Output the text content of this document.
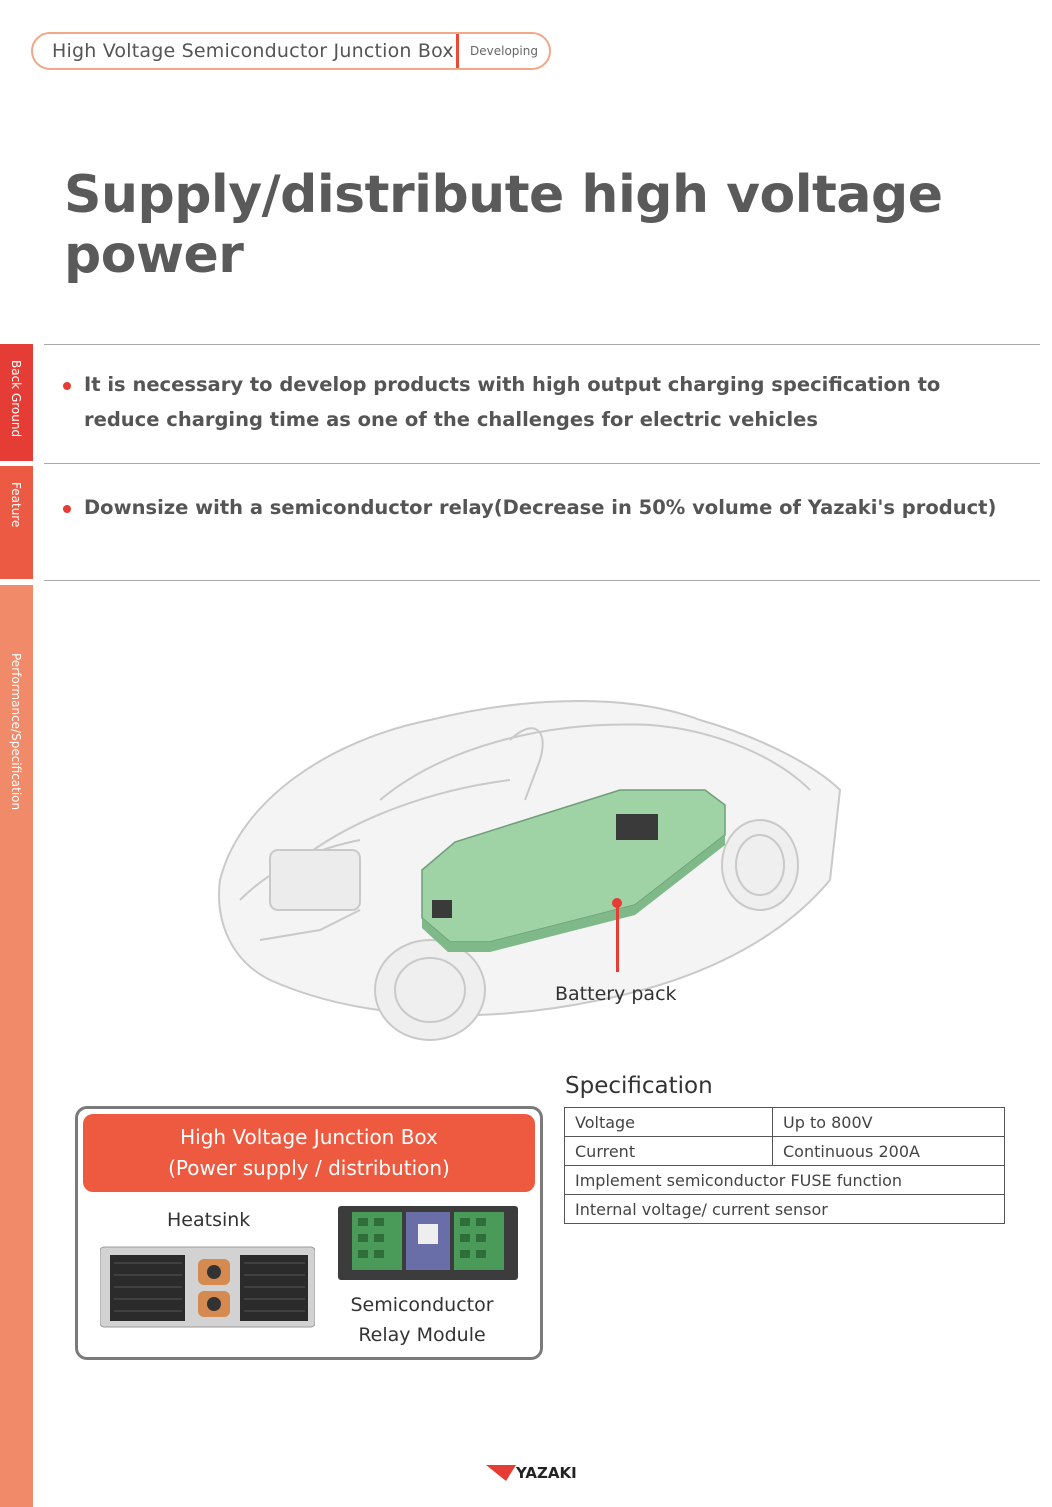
High Voltage Semiconductor Junction Box Developing
Supply/distribute high voltage power
Back Ground
Feature
Performance/Specification
It is necessary to develop products with high output charging specification to
reduce charging time as one of the challenges for electric vehicles
Downsize with a semiconductor relay(Decrease in 50% volume of Yazaki's product)
Battery pack
High Voltage Junction Box
(Power supply / distribution)
Heatsink
Semiconductor
Relay Module
Specification
Voltage	Up to 800V
Current	Continuous 200A
Implement semiconductor FUSE function	
Internal voltage/ current sensor	
YAZAKI
